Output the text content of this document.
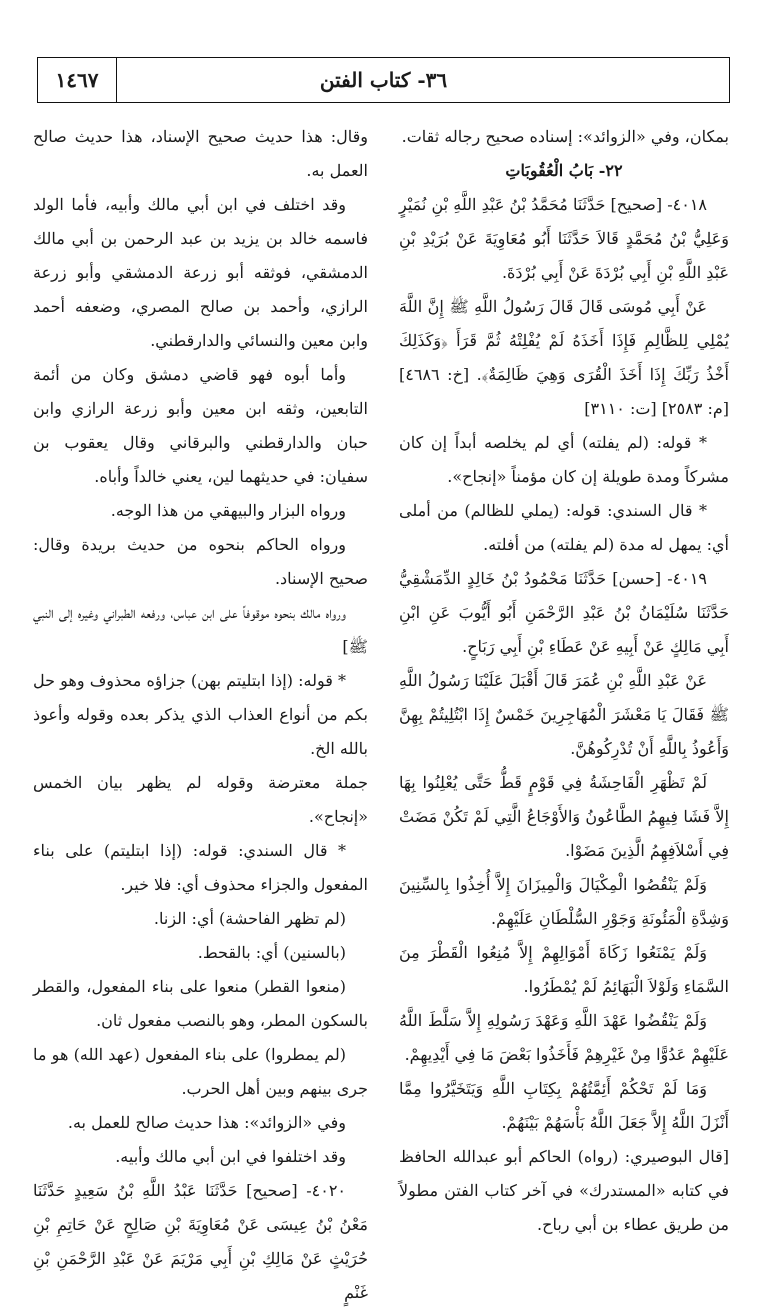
٣٦- كتاب الفتن
١٤٦٧

بمكان، وفي «الزوائد»: إسناده صحيح رجاله ثقات.

٢٢- بَابُ الْعُقُوبَاتِ

٤٠١٨- [صحيح] حَدَّثَنَا مُحَمَّدُ بْنُ عَبْدِ اللَّهِ بْنِ نُمَيْرٍ وَعَلِيُّ بْنُ مُحَمَّدٍ قَالاَ حَدَّثَنَا أَبُو مُعَاوِيَةَ عَنْ بُرَيْدِ بْنِ عَبْدِ اللَّهِ بْنِ أَبِي بُرْدَةَ عَنْ أَبِي بُرْدَةَ.

عَنْ أَبِي مُوسَى قَالَ قَالَ رَسُولُ اللَّهِ ﷺ إِنَّ اللَّهَ يُمْلِي لِلظَّالِمِ فَإِذَا أَخَذَهُ لَمْ يُفْلِتْهُ ثُمَّ قَرَأَ ﴿وَكَذَلِكَ أَخْذُ رَبِّكَ إِذَا أَخَذَ الْقُرَى وَهِيَ ظَالِمَةٌ﴾. [خ: ٤٦٨٦] [م: ٢٥٨٣] [ت: ٣١١٠]

* قوله: (لم يفلته) أي لم يخلصه أبداً إن كان مشركاً ومدة طويلة إن كان مؤمناً «إنجاح».

* قال السندي: قوله: (يملي للظالم) من أملى أي: يمهل له مدة (لم يفلته) من أفلته.

٤٠١٩- [حسن] حَدَّثَنَا مَحْمُودُ بْنُ خَالِدٍ الدِّمَشْقِيُّ حَدَّثَنَا سُلَيْمَانُ بْنُ عَبْدِ الرَّحْمَنِ أَبُو أَيُّوبَ عَنِ ابْنِ أَبِي مَالِكٍ عَنْ أَبِيهِ عَنْ عَطَاءِ بْنِ أَبِي رَبَاحٍ.

عَنْ عَبْدِ اللَّهِ بْنِ عُمَرَ قَالَ أَقْبَلَ عَلَيْنَا رَسُولُ اللَّهِ ﷺ فَقَالَ يَا مَعْشَرَ الْمُهَاجِرِينَ خَمْسٌ إِذَا ابْتُلِيتُمْ بِهِنَّ وَأَعُوذُ بِاللَّهِ أَنْ تُدْرِكُوهُنَّ.

لَمْ تَظْهَرِ الْفَاحِشَةُ فِي قَوْمٍ قَطُّ حَتَّى يُعْلِنُوا بِهَا إِلاَّ فَشَا فِيهِمُ الطَّاعُونُ وَالأَوْجَاعُ الَّتِي لَمْ تَكُنْ مَضَتْ فِي أَسْلاَفِهِمُ الَّذِينَ مَضَوْا.

وَلَمْ يَنْقُصُوا الْمِكْيَالَ وَالْمِيزَانَ إِلاَّ أُخِذُوا بِالسِّنِينَ وَشِدَّةِ الْمَئُونَةِ وَجَوْرِ السُّلْطَانِ عَلَيْهِمْ.

وَلَمْ يَمْنَعُوا زَكَاةَ أَمْوَالِهِمْ إِلاَّ مُنِعُوا الْقَطْرَ مِنَ السَّمَاءِ وَلَوْلاَ الْبَهَائِمُ لَمْ يُمْطَرُوا.

وَلَمْ يَنْقُضُوا عَهْدَ اللَّهِ وَعَهْدَ رَسُولِهِ إِلاَّ سَلَّطَ اللَّهُ عَلَيْهِمْ عَدُوًّا مِنْ غَيْرِهِمْ فَأَخَذُوا بَعْضَ مَا فِي أَيْدِيهِمْ.

وَمَا لَمْ تَحْكُمْ أَئِمَّتُهُمْ بِكِتَابِ اللَّهِ وَيَتَخَيَّرُوا مِمَّا أَنْزَلَ اللَّهُ إِلاَّ جَعَلَ اللَّهُ بَأْسَهُمْ بَيْنَهُمْ.

[قال البوصيري: (رواه) الحاكم أبو عبدالله الحافظ في كتابه «المستدرك» في آخر كتاب الفتن مطولاً من طريق عطاء بن أبي رباح.

وقال: هذا حديث صحيح الإسناد، هذا حديث صالح العمل به.

وقد اختلف في ابن أبي مالك وأبيه، فأما الولد فاسمه خالد بن يزيد بن عبد الرحمن بن أبي مالك الدمشقي، فوثقه أبو زرعة الدمشقي وأبو زرعة الرازي، وأحمد بن صالح المصري، وضعفه أحمد وابن معين والنسائي والدارقطني.

وأما أبوه فهو قاضي دمشق وكان من أئمة التابعين، وثقه ابن معين وأبو زرعة الرازي وابن حبان والدارقطني والبرقاني وقال يعقوب بن سفيان: في حديثهما لين، يعني خالداً وأباه.

ورواه البزار والبيهقي من هذا الوجه.

ورواه الحاكم بنحوه من حديث بريدة وقال: صحيح الإسناد.

ورواه مالك بنحوه موقوفاً على ابن عباس، ورفعه الطبراني وغيره إلى النبي ﷺ]

* قوله: (إذا ابتليتم بهن) جزاؤه محذوف وهو حل بكم من أنواع العذاب الذي يذكر بعده وقوله وأعوذ بالله الخ.

جملة معترضة وقوله لم يظهر بيان الخمس «إنجاح».

* قال السندي: قوله: (إذا ابتليتم) على بناء المفعول والجزاء محذوف أي: فلا خير.

(لم تظهر الفاحشة) أي: الزنا.

(بالسنين) أي: بالقحط.

(منعوا القطر) منعوا على بناء المفعول، والقطر بالسكون المطر، وهو بالنصب مفعول ثان.

(لم يمطروا) على بناء المفعول (عهد الله) هو ما جرى بينهم وبين أهل الحرب.

وفي «الزوائد»: هذا حديث صالح للعمل به.

وقد اختلفوا في ابن أبي مالك وأبيه.

٤٠٢٠- [صحيح] حَدَّثَنَا عَبْدُ اللَّهِ بْنُ سَعِيدٍ حَدَّثَنَا مَعْنُ بْنُ عِيسَى عَنْ مُعَاوِيَةَ بْنِ صَالِحٍ عَنْ حَاتِمِ بْنِ حُرَيْثٍ عَنْ مَالِكِ بْنِ أَبِي مَرْيَمَ عَنْ عَبْدِ الرَّحْمَنِ بْنِ غَنْمٍ
